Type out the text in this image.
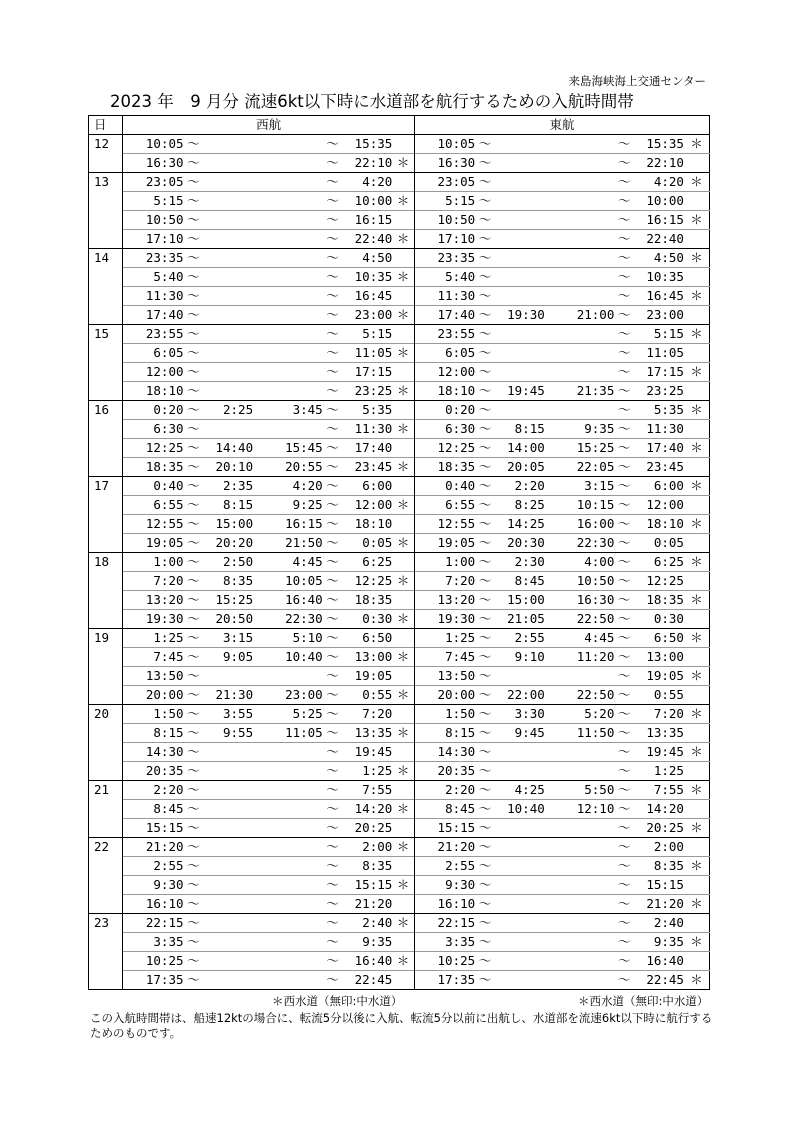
来島海峡海上交通センター
2023 年　9 月分 流速6kt以下時に水道部を航行するための入航時間帯
日	西航								東航							
12	10:05	〜				〜	15:35		10:05	〜				〜	15:35	＊
	16:30	〜				〜	22:10	＊	16:30	〜				〜	22:10	
13	23:05	〜				〜	4:20		23:05	〜				〜	4:20	＊
	5:15	〜				〜	10:00	＊	5:15	〜				〜	10:00	
	10:50	〜				〜	16:15		10:50	〜				〜	16:15	＊
	17:10	〜				〜	22:40	＊	17:10	〜				〜	22:40	
14	23:35	〜				〜	4:50		23:35	〜				〜	4:50	＊
	5:40	〜				〜	10:35	＊	5:40	〜				〜	10:35	
	11:30	〜				〜	16:45		11:30	〜				〜	16:45	＊
	17:40	〜				〜	23:00	＊	17:40	〜	19:30		21:00	〜	23:00	
15	23:55	〜				〜	5:15		23:55	〜				〜	5:15	＊
	6:05	〜				〜	11:05	＊	6:05	〜				〜	11:05	
	12:00	〜				〜	17:15		12:00	〜				〜	17:15	＊
	18:10	〜				〜	23:25	＊	18:10	〜	19:45		21:35	〜	23:25	
16	0:20	〜	2:25		3:45	〜	5:35		0:20	〜				〜	5:35	＊
	6:30	〜				〜	11:30	＊	6:30	〜	8:15		9:35	〜	11:30	
	12:25	〜	14:40		15:45	〜	17:40		12:25	〜	14:00		15:25	〜	17:40	＊
	18:35	〜	20:10		20:55	〜	23:45	＊	18:35	〜	20:05		22:05	〜	23:45	
17	0:40	〜	2:35		4:20	〜	6:00		0:40	〜	2:20		3:15	〜	6:00	＊
	6:55	〜	8:15		9:25	〜	12:00	＊	6:55	〜	8:25		10:15	〜	12:00	
	12:55	〜	15:00		16:15	〜	18:10		12:55	〜	14:25		16:00	〜	18:10	＊
	19:05	〜	20:20		21:50	〜	0:05	＊	19:05	〜	20:30		22:30	〜	0:05	
18	1:00	〜	2:50		4:45	〜	6:25		1:00	〜	2:30		4:00	〜	6:25	＊
	7:20	〜	8:35		10:05	〜	12:25	＊	7:20	〜	8:45		10:50	〜	12:25	
	13:20	〜	15:25		16:40	〜	18:35		13:20	〜	15:00		16:30	〜	18:35	＊
	19:30	〜	20:50		22:30	〜	0:30	＊	19:30	〜	21:05		22:50	〜	0:30	
19	1:25	〜	3:15		5:10	〜	6:50		1:25	〜	2:55		4:45	〜	6:50	＊
	7:45	〜	9:05		10:40	〜	13:00	＊	7:45	〜	9:10		11:20	〜	13:00	
	13:50	〜				〜	19:05		13:50	〜				〜	19:05	＊
	20:00	〜	21:30		23:00	〜	0:55	＊	20:00	〜	22:00		22:50	〜	0:55	
20	1:50	〜	3:55		5:25	〜	7:20		1:50	〜	3:30		5:20	〜	7:20	＊
	8:15	〜	9:55		11:05	〜	13:35	＊	8:15	〜	9:45		11:50	〜	13:35	
	14:30	〜				〜	19:45		14:30	〜				〜	19:45	＊
	20:35	〜				〜	1:25	＊	20:35	〜				〜	1:25	
21	2:20	〜				〜	7:55		2:20	〜	4:25		5:50	〜	7:55	＊
	8:45	〜				〜	14:20	＊	8:45	〜	10:40		12:10	〜	14:20	
	15:15	〜				〜	20:25		15:15	〜				〜	20:25	＊
22	21:20	〜				〜	2:00	＊	21:20	〜				〜	2:00	
	2:55	〜				〜	8:35		2:55	〜				〜	8:35	＊
	9:30	〜				〜	15:15	＊	9:30	〜				〜	15:15	
	16:10	〜				〜	21:20		16:10	〜				〜	21:20	＊
23	22:15	〜				〜	2:40	＊	22:15	〜				〜	2:40	
	3:35	〜				〜	9:35		3:35	〜				〜	9:35	＊
	10:25	〜				〜	16:40	＊	10:25	〜				〜	16:40	
	17:35	〜				〜	22:45		17:35	〜				〜	22:45	＊
＊西水道（無印:中水道）	＊西水道（無印:中水道）
この入航時間帯は、船速12ktの場合に、転流5分以後に入航、転流5分以前に出航し、水道部を流速6kt以下時に航行するためのものです。
